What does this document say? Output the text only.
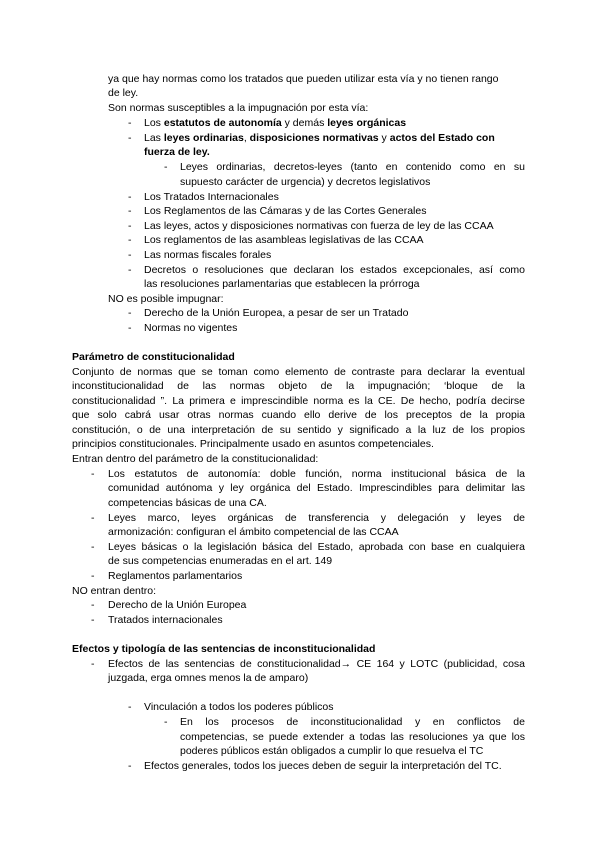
ya que hay normas como los tratados que pueden utilizar esta vía y no tienen rango
de ley.
Son normas susceptibles a la impugnación por esta vía:
- Los estatutos de autonomía y demás leyes orgánicas
- Las leyes ordinarias, disposiciones normativas y actos del Estado con
fuerza de ley.
- Leyes ordinarias, decretos-leyes (tanto en contenido como en su
supuesto carácter de urgencia) y decretos legislativos
- Los Tratados Internacionales
- Los Reglamentos de las Cámaras y de las Cortes Generales
- Las leyes, actos y disposiciones normativas con fuerza de ley de las CCAA
- Los reglamentos de las asambleas legislativas de las CCAA
- Las normas fiscales forales
- Decretos o resoluciones que declaran los estados excepcionales, así como
las resoluciones parlamentarias que establecen la prórroga
NO es posible impugnar:
- Derecho de la Unión Europea, a pesar de ser un Tratado
- Normas no vigentes
Parámetro de constitucionalidad
Conjunto de normas que se toman como elemento de contraste para declarar la eventual
inconstitucionalidad de las normas objeto de la impugnación; ‘bloque de la
constitucionalidad ”. La primera e imprescindible norma es la CE. De hecho, podría decirse
que solo cabrá usar otras normas cuando ello derive de los preceptos de la propia
constitución, o de una interpretación de su sentido y significado a la luz de los propios
principios constitucionales. Principalmente usado en asuntos competenciales.
Entran dentro del parámetro de la constitucionalidad:
- Los estatutos de autonomía: doble función, norma institucional básica de la
comunidad autónoma y ley orgánica del Estado. Imprescindibles para delimitar las
competencias básicas de una CA.
- Leyes marco, leyes orgánicas de transferencia y delegación y leyes de
armonización: configuran el ámbito competencial de las CCAA
- Leyes básicas o la legislación básica del Estado, aprobada con base en cualquiera
de sus competencias enumeradas en el art. 149
- Reglamentos parlamentarios
NO entran dentro:
- Derecho de la Unión Europea
- Tratados internacionales
Efectos y tipología de las sentencias de inconstitucionalidad
- Efectos de las sentencias de constitucionalidad→ CE 164 y LOTC (publicidad, cosa
juzgada, erga omnes menos la de amparo)
- Vinculación a todos los poderes públicos
- En los procesos de inconstitucionalidad y en conflictos de
competencias, se puede extender a todas las resoluciones ya que los
poderes públicos están obligados a cumplir lo que resuelva el TC
- Efectos generales, todos los jueces deben de seguir la interpretación del TC.
